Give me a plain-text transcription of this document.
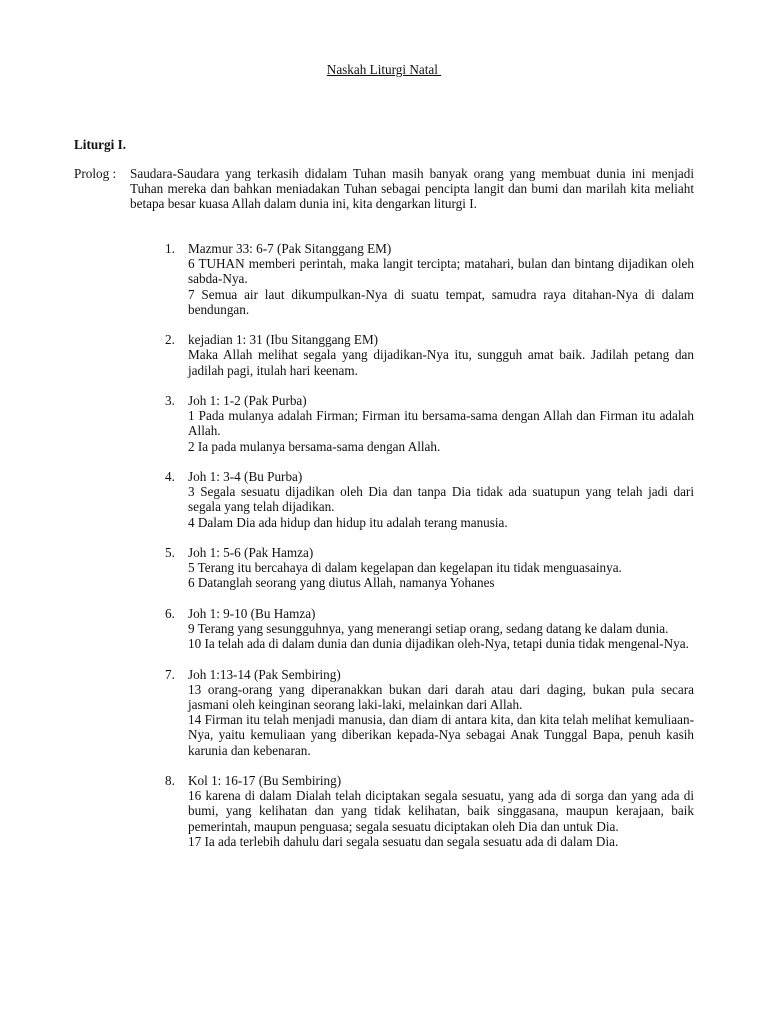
Naskah Liturgi Natal
Liturgi I.
Prolog :	Saudara-Saudara yang terkasih didalam Tuhan masih banyak orang yang membuat dunia ini menjadi Tuhan mereka dan bahkan meniadakan Tuhan sebagai pencipta langit dan bumi dan marilah kita meliaht betapa besar kuasa Allah dalam dunia ini, kita dengarkan liturgi I.
1. Mazmur 33: 6-7 (Pak Sitanggang EM)
6 TUHAN memberi perintah, maka langit tercipta; matahari, bulan dan bintang dijadikan oleh sabda-Nya.
7 Semua air laut dikumpulkan-Nya di suatu tempat, samudra raya ditahan-Nya di dalam bendungan.
2. kejadian 1: 31 (Ibu Sitanggang EM)
Maka Allah melihat segala yang dijadikan-Nya itu, sungguh amat baik. Jadilah petang dan jadilah pagi, itulah hari keenam.
3. Joh 1: 1-2 (Pak Purba)
1 Pada mulanya adalah Firman; Firman itu bersama-sama dengan Allah dan Firman itu adalah Allah.
2 Ia pada mulanya bersama-sama dengan Allah.
4. Joh 1: 3-4 (Bu Purba)
3 Segala sesuatu dijadikan oleh Dia dan tanpa Dia tidak ada suatupun yang telah jadi dari segala yang telah dijadikan.
4 Dalam Dia ada hidup dan hidup itu adalah terang manusia.
5. Joh 1: 5-6 (Pak Hamza)
5 Terang itu bercahaya di dalam kegelapan dan kegelapan itu tidak menguasainya.
6 Datanglah seorang yang diutus Allah, namanya Yohanes
6. Joh 1: 9-10 (Bu Hamza)
9 Terang yang sesungguhnya, yang menerangi setiap orang, sedang datang ke dalam dunia.
10 Ia telah ada di dalam dunia dan dunia dijadikan oleh-Nya, tetapi dunia tidak mengenal-Nya.
7. Joh 1:13-14 (Pak Sembiring)
13 orang-orang yang diperanakkan bukan dari darah atau dari daging, bukan pula secara jasmani oleh keinginan seorang laki-laki, melainkan dari Allah.
14 Firman itu telah menjadi manusia, dan diam di antara kita, dan kita telah melihat kemuliaan-Nya, yaitu kemuliaan yang diberikan kepada-Nya sebagai Anak Tunggal Bapa, penuh kasih karunia dan kebenaran.
8. Kol 1: 16-17 (Bu Sembiring)
16 karena di dalam Dialah telah diciptakan segala sesuatu, yang ada di sorga dan yang ada di bumi, yang kelihatan dan yang tidak kelihatan, baik singgasana, maupun kerajaan, baik pemerintah, maupun penguasa; segala sesuatu diciptakan oleh Dia dan untuk Dia.
17 Ia ada terlebih dahulu dari segala sesuatu dan segala sesuatu ada di dalam Dia.
